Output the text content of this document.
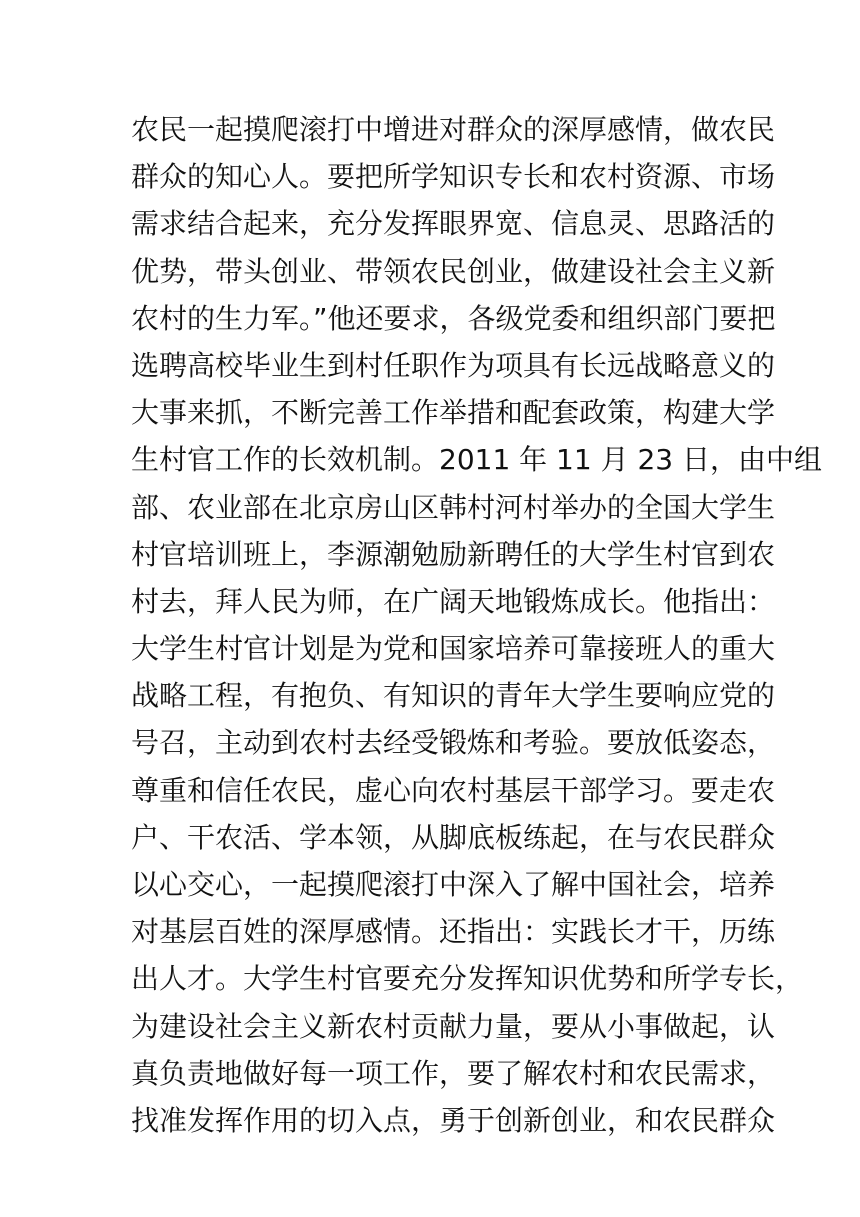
农民一起摸爬滚打中增进对群众的深厚感情，做农民
群众的知心人。要把所学知识专长和农村资源、市场
需求结合起来，充分发挥眼界宽、信息灵、思路活的
优势，带头创业、带领农民创业，做建设社会主义新
农村的生力军。”他还要求，各级党委和组织部门要把
选聘高校毕业生到村任职作为项具有长远战略意义的
大事来抓，不断完善工作举措和配套政策，构建大学
生村官工作的长效机制。2011 年 11 月 23 日，由中组
部、农业部在北京房山区韩村河村举办的全国大学生
村官培训班上，李源潮勉励新聘任的大学生村官到农
村去，拜人民为师，在广阔天地锻炼成长。他指出：
大学生村官计划是为党和国家培养可靠接班人的重大
战略工程，有抱负、有知识的青年大学生要响应党的
号召，主动到农村去经受锻炼和考验。要放低姿态，
尊重和信任农民，虚心向农村基层干部学习。要走农
户、干农活、学本领，从脚底板练起，在与农民群众
以心交心，一起摸爬滚打中深入了解中国社会，培养
对基层百姓的深厚感情。还指出：实践长才干，历练
出人才。大学生村官要充分发挥知识优势和所学专长，
为建设社会主义新农村贡献力量，要从小事做起，认
真负责地做好每一项工作，要了解农村和农民需求，
找准发挥作用的切入点，勇于创新创业，和农民群众
